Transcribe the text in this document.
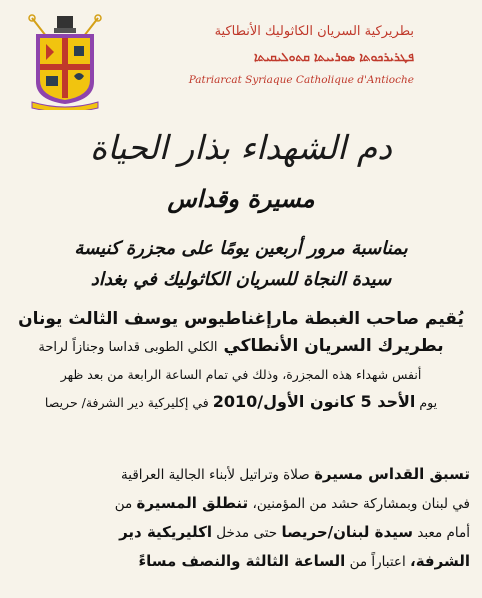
بطريركية السريان الكاثوليك الأنطاكية
ܦܛܪܝܪܟܘܬܐ ܣܘܪܝܝܬܐ ܩܬܘܠܝܩܝܬܐ
Patriarcat Syriaque Catholique d'Antioche
دم الشهداء بذار الحياة
مسيرة وقداس
بمناسبة مرور أربعين يومًا على مجزرة كنيسة
سيدة النجاة للسريان الكاثوليك في بغداد
يُقيم صاحب الغبطة مارإغناطيوس يوسف الثالث يونان
بطريرك السريان الأنطاكي الكلي الطوبى قداسا وجنازاً لراحة
أنفس شهداء هذه المجزرة، وذلك في تمام الساعة الرابعة من بعد ظهر
يوم الأحد 5 كانون الأول/2010 في إكليركية دير الشرفة/ حريصا
تسبق القداس مسيرة صلاة وتراتيل لأبناء الجالية العراقية
في لبنان وبمشاركة حشد من المؤمنين، تنطلق المسيرة من
أمام معبد سيدة لبنان/حريصا حتى مدخل اكليريكية دير
الشرفة، اعتباراً من الساعة الثالثة والنصف مساءً
